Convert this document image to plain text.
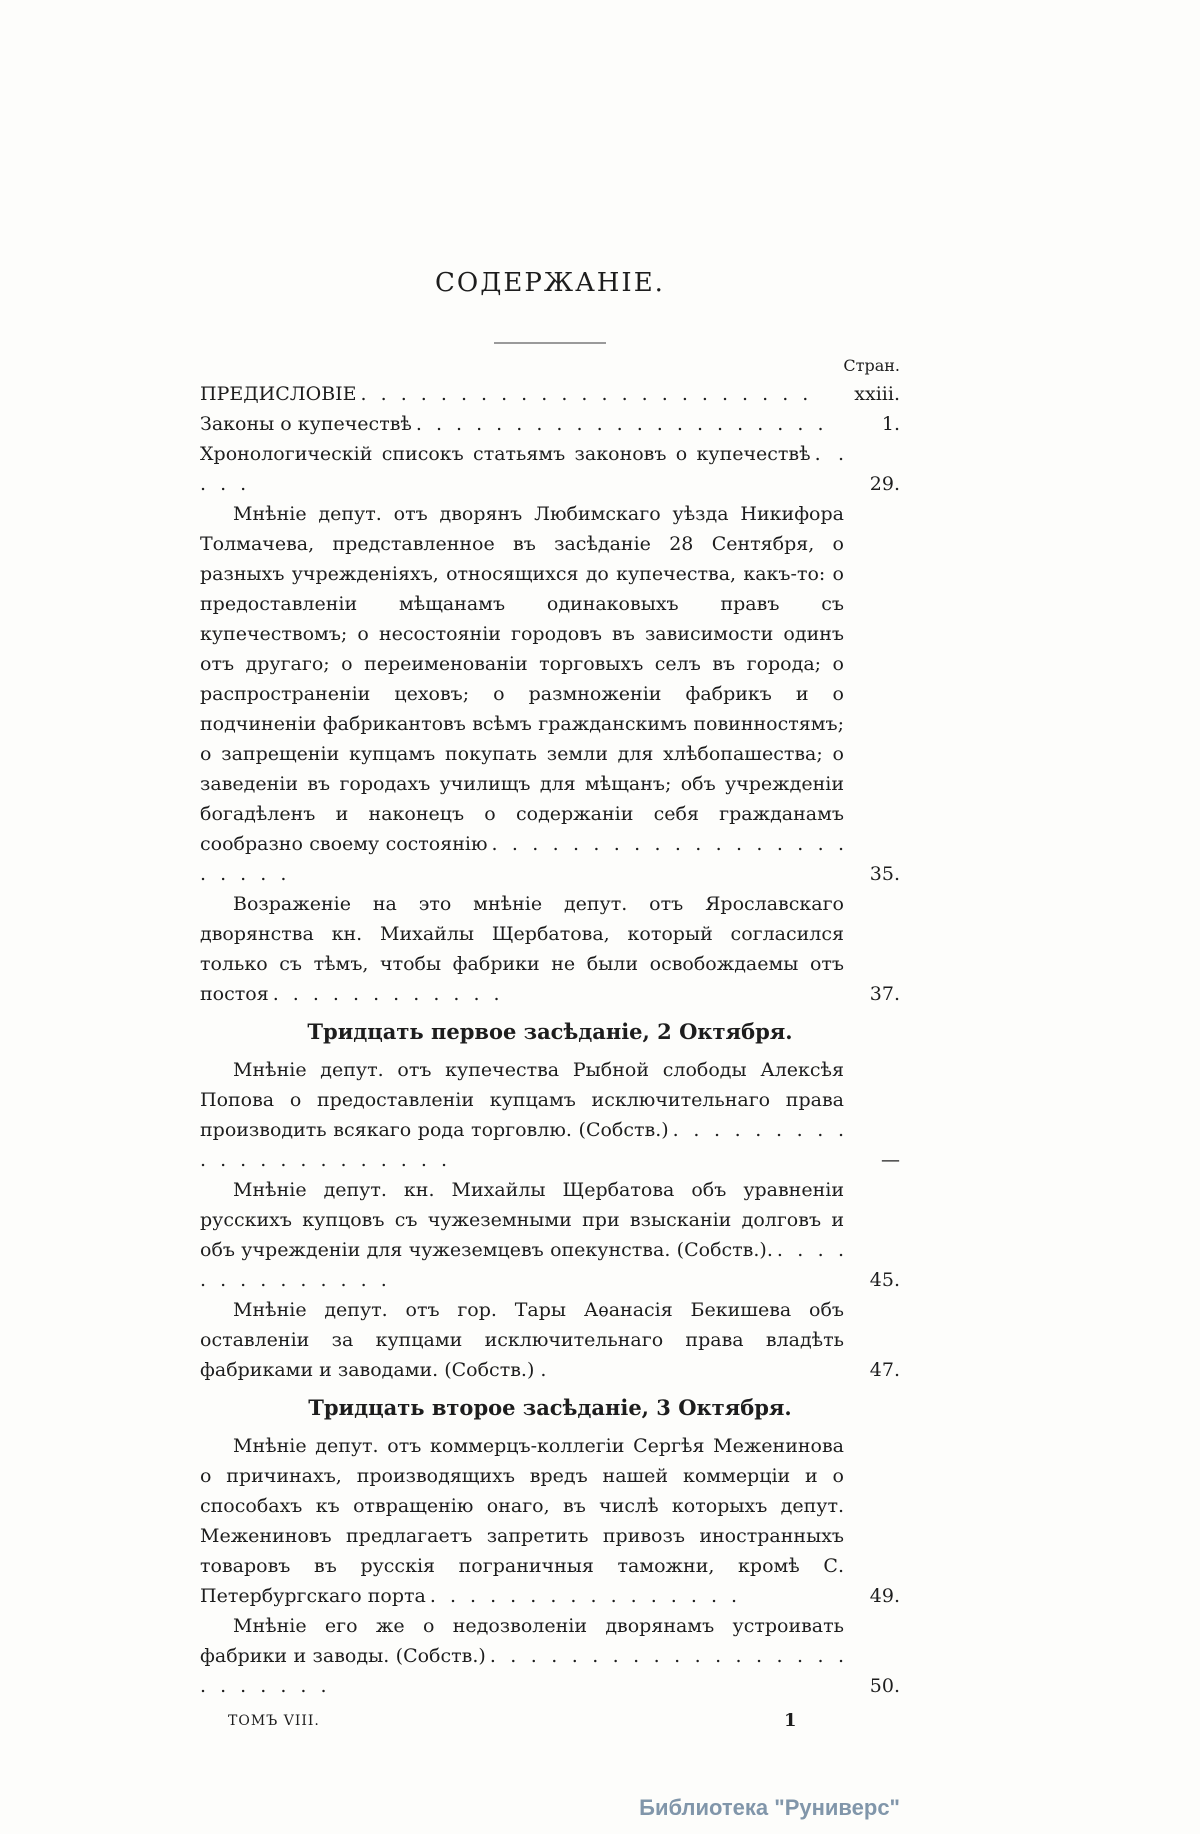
СОДЕРЖАНІЕ.
Стран.
ПРЕДИСЛОВІЕ . . . . . . . . . . . . . . . . . . . . . . . xxiii.
Законы о купечествѣ . . . . . . . . . . . . . . . . . . . . .	1.
Хронологическій списокъ статьямъ законовъ о купечествѣ . . . . .	29.
Мнѣніе депут. отъ дворянъ Любимскаго уѣзда Никифора Толмачева, представленное въ засѣданіе 28 Сентября, о разныхъ учрежденіяхъ, относящихся до купечества, какъ-то: о предоставленіи мѣщанамъ одинаковыхъ правъ съ купечествомъ; о несостояніи городовъ въ зависимости одинъ отъ другаго; о переименованіи торговыхъ селъ въ города; о распространеніи цеховъ; о размноженіи фабрикъ и о подчиненіи фабрикантовъ всѣмъ гражданскимъ повинностямъ; о запрещеніи купцамъ покупать земли для хлѣбопашества; о заведеніи въ городахъ училищъ для мѣщанъ; объ учрежденіи богадѣленъ и наконецъ о содержаніи себя гражданамъ сообразно своему состоянію . . . . . . . . . . . . . . . . . . . . . . .	35.
Возраженіе на это мнѣніе депут. отъ Ярославскаго дворянства кн. Михайлы Щербатова, который согласился только съ тѣмъ, чтобы фабрики не были освобождаемы отъ постоя . . . . . . . . . . . .	37.
Тридцать первое засѣданіе, 2 Октября.
Мнѣніе депут. отъ купечества Рыбной слободы Алексѣя Попова о предоставленіи купцамъ исключительнаго права производить всякаго рода торговлю. (Собств.) . . . . . . . . . . . . . . . . . . . . . .	—
Мнѣніе депут. кн. Михайлы Щербатова объ уравненіи русскихъ купцовъ съ чужеземными при взысканіи долговъ и объ учрежденіи для чужеземцевъ опекунства. (Собств.). . . . . . . . . . . . . . .	45.
Мнѣніе депут. отъ гор. Тары Аѳанасія Бекишева объ оставленіи за купцами исключительнаго права владѣть фабриками и заводами. (Собств.) .	47.
Тридцать второе засѣданіе, 3 Октября.
Мнѣніе депут. отъ коммерцъ-коллегіи Сергѣя Меженинова о причинахъ, производящихъ вредъ нашей коммерціи и о способахъ къ отвращенію онаго, въ числѣ которыхъ депут. Межениновъ предлагаетъ запретить привозъ иностранныхъ товаровъ въ русскія пограничныя таможни, кромѣ С. Петербургскаго порта . . . . . . . . . . . . . . . .	49.
Мнѣніе его же о недозволеніи дворянамъ устроивать фабрики и заводы. (Собств.) . . . . . . . . . . . . . . . . . . . . . . . . .	50.
ТОМЪ VIII.	1
Библиотека "Руниверс"
